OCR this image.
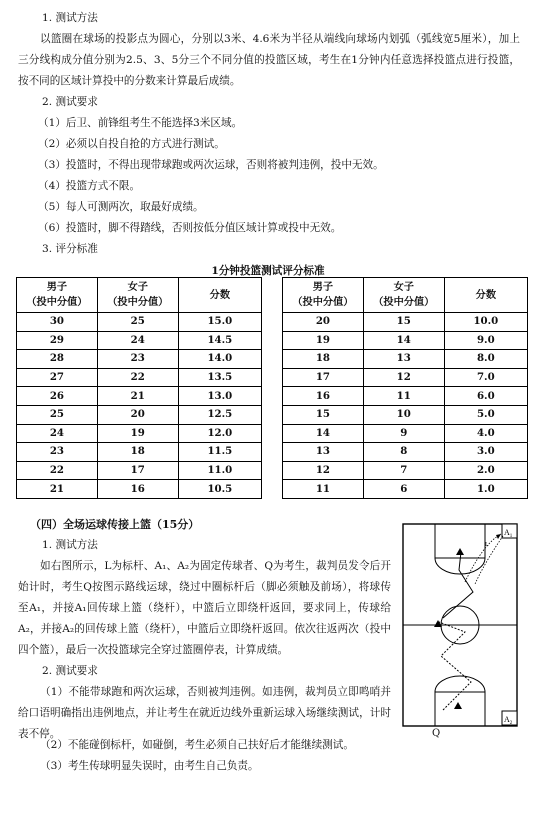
1. 测试方法
以篮圈在球场的投影点为圆心，分别以3米、4.6米为半径从端线向球场内划弧（弧线宽5厘米），加上三分线构成分值分别为2.5、3、5分三个不同分值的投篮区域，考生在1分钟内任意选择投篮点进行投篮，按不同的区域计算投中的分数来计算最后成绩。
2. 测试要求
（1）后卫、前锋组考生不能选择3米区域。
（2）必须以自投自抢的方式进行测试。
（3）投篮时，不得出现带球跑或两次运球，否则将被判违例，投中无效。
（4）投篮方式不限。
（5）每人可测两次，取最好成绩。
（6）投篮时，脚不得踏线，否则按低分值区域计算或投中无效。
3. 评分标准
1分钟投篮测试评分标准
男子
（投中分值）	女子
（投中分值）	分数
30	25	15.0
29	24	14.5
28	23	14.0
27	22	13.5
26	21	13.0
25	20	12.5
24	19	12.0
23	18	11.5
22	17	11.0
21	16	10.5
男子
（投中分值）	女子
（投中分值）	分数
20	15	10.0
19	14	9.0
18	13	8.0
17	12	7.0
16	11	6.0
15	10	5.0
14	9	4.0
13	8	3.0
12	7	2.0
11	6	1.0
（四）全场运球传接上篮（15分）
1. 测试方法
如右图所示，L为标杆、A₁、A₂为固定传球者、Q为考生，裁判员发令后开始计时，考生Q按图示路线运球，绕过中圈标杆后（脚必须触及前场），将球传至A₁，并接A₁回传球上篮（绕杆），中篮后立即绕杆返回，要求同上，传球给A₂，并接A₂的回传球上篮（绕杆），中篮后立即绕杆返回。依次往返两次（投中四个篮），最后一次投篮球完全穿过篮圈停表，计算成绩。
2. 测试要求
（1）不能带球跑和两次运球，否则被判违例。如违例，裁判员立即鸣哨并给口语明确指出违例地点，并让考生在就近边线外重新运球入场继续测试，计时表不停。
（2）不能碰倒标杆，如碰倒，考生必须自己扶好后才能继续测试。
（3）考生传球明显失误时，由考生自己负责。
$A_1$
$A_2$
L
Q
